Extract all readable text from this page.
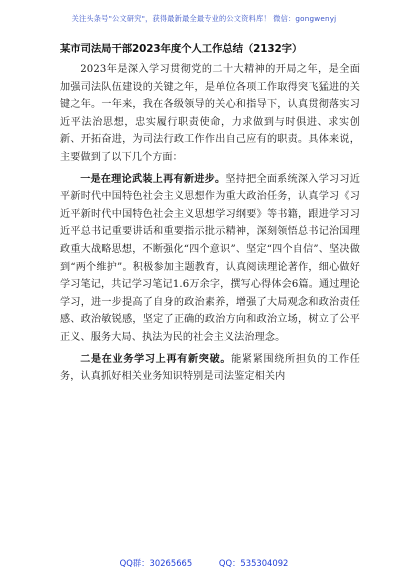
关注头条号"公文研究"，获得最新最全最专业的公文资料库！ 微信：gongwenyj
某市司法局干部2023年度个人工作总结（2132字）

2023年是深入学习贯彻党的二十大精神的开局之年，是全面加强司法队伍建设的关键之年，是单位各项工作取得突飞猛进的关键之年。一年来，我在各级领导的关心和指导下，认真贯彻落实习近平法治思想，忠实履行职责使命，力求做到与时俱进、求实创新、开拓奋进，为司法行政工作作出自己应有的职责。具体来说，主要做到了以下几个方面：

一是在理论武装上再有新进步。坚持把全面系统深入学习习近平新时代中国特色社会主义思想作为重大政治任务，认真学习《习近平新时代中国特色社会主义思想学习纲要》等书籍，跟进学习习近平总书记重要讲话和重要指示批示精神，深刻领悟总书记治国理政重大战略思想，不断强化“四个意识”、坚定“四个自信”、坚决做到“两个维护”。积极参加主题教育，认真阅读理论著作，细心做好学习笔记，共记学习笔记1.6万余字，撰写心得体会6篇。通过理论学习，进一步提高了自身的政治素养，增强了大局观念和政治责任感、政治敏锐感，坚定了正确的政治方向和政治立场，树立了公平正义、服务大局、执法为民的社会主义法治理念。

二是在业务学习上再有新突破。能紧紧围绕所担负的工作任务，认真抓好相关业务知识特别是司法鉴定相关内

QQ群：30265665	QQ：535304092
